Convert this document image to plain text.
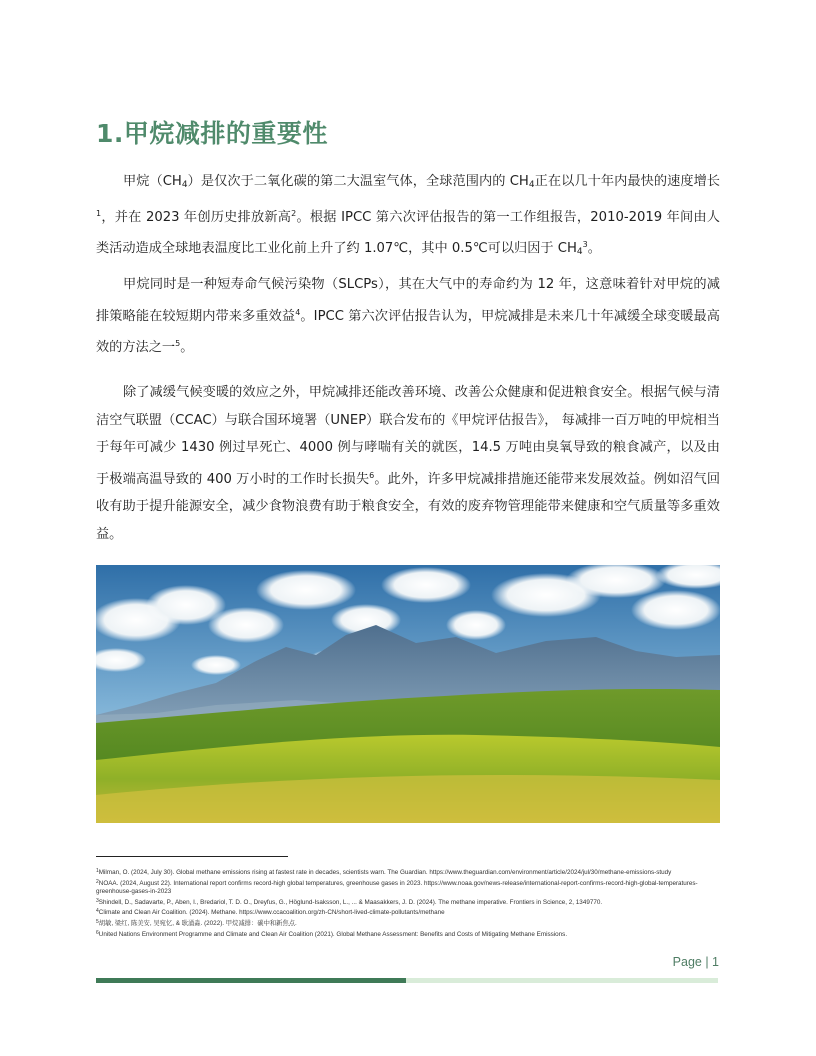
1.甲烷减排的重要性

甲烷$(CH_4)$是仅次于二氧化碳的第二大温室气体，全球范围内的 $CH_4$正在以几十年内最快的速度增长$^1$，并在 2023 年创历史排放新高$^2$。根据 IPCC 第六次评估报告的第一工作组报告，2010-2019 年间由人类活动造成全球地表温度比工业化前上升了约 1.07℃，其中 0.5℃可以归因于 $CH_4^3$。

甲烷同时是一种短寿命气候污染物（SLCPs），其在大气中的寿命约为 12 年，这意味着针对甲烷的减排策略能在较短期内带来多重效益$^4$。IPCC 第六次评估报告认为，甲烷减排是未来几十年减缓全球变暖最高效的方法之一$^5$。

除了减缓气候变暖的效应之外，甲烷减排还能改善环境、改善公众健康和促进粮食安全。根据气候与清洁空气联盟（CCAC）与联合国环境署（UNEP）联合发布的《甲烷评估报告》， 每减排一百万吨的甲烷相当于每年可减少 1430 例过早死亡、4000 例与哮喘有关的就医，14.5 万吨由臭氧导致的粮食减产，以及由于极端高温导致的 400 万小时的工作时长损失$^6$。此外，许多甲烷减排措施还能带来发展效益。例如沼气回收有助于提升能源安全，减少食物浪费有助于粮食安全，有效的废弃物管理能带来健康和空气质量等多重效益。

$^1$Milman, O. (2024, July 30). Global methane emissions rising at fastest rate in decades, scientists warn. The Guardian. https://www.theguardian.com/environment/article/2024/jul/30/methane-emissions-study
$^2$NOAA. (2024, August 22). International report confirms record-high global temperatures, greenhouse gases in 2023. https://www.noaa.gov/news-release/international-report-confirms-record-high-global-temperatures-greenhouse-gases-in-2023
$^3$Shindell, D., Sadavarte, P., Aben, I., Bredariol, T. D. O., Dreyfus, G., Höglund-Isaksson, L., ... & Maasakkers, J. D. (2024). The methane imperative. Frontiers in Science, 2, 1349770.
$^4$Climate and Clean Air Coalition. (2024). Methane. https://www.ccacoalition.org/zh-CN/short-lived-climate-pollutants/methane
$^5$胡敏, 梁红, 陈美安, 吴宛忆, & 耿涌淼. (2022). 甲烷减排：碳中和新焦点.
$^6$United Nations Environment Programme and Climate and Clean Air Coalition (2021). Global Methane Assessment: Benefits and Costs of Mitigating Methane Emissions.
Page | 1
